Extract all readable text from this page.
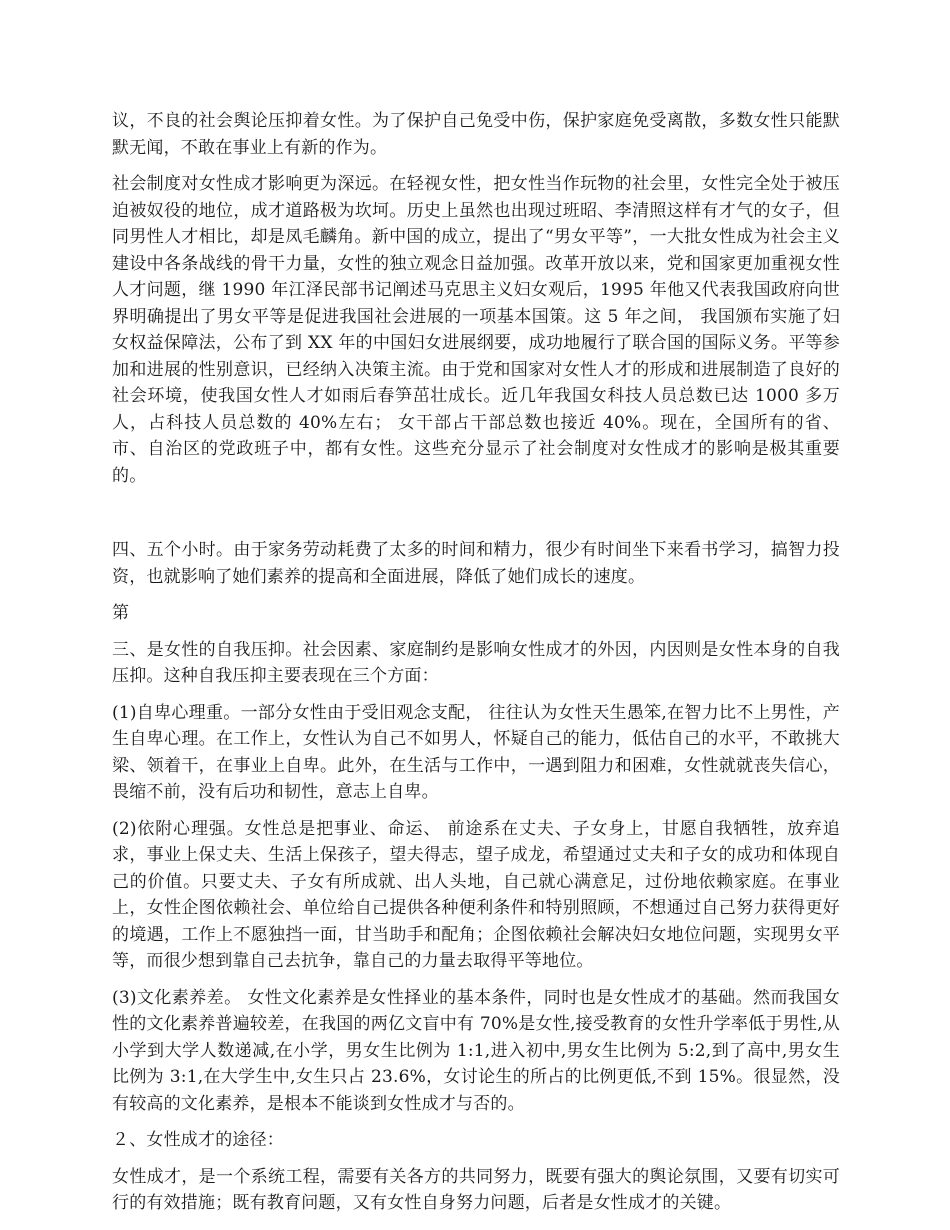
议，不良的社会舆论压抑着女性。为了保护自己免受中伤，保护家庭免受离散，多数女性只能默默无闻，不敢在事业上有新的作为。

社会制度对女性成才影响更为深远。在轻视女性，把女性当作玩物的社会里，女性完全处于被压迫被奴役的地位，成才道路极为坎坷。历史上虽然也出现过班昭、李清照这样有才气的女子，但同男性人才相比，却是凤毛麟角。新中国的成立，提出了“男女平等”，一大批女性成为社会主义建设中各条战线的骨干力量，女性的独立观念日益加强。改革开放以来，党和国家更加重视女性人才问题，继 1990 年江泽民部书记阐述马克思主义妇女观后，1995 年他又代表我国政府向世界明确提出了男女平等是促进我国社会进展的一项基本国策。这 5 年之间， 我国颁布实施了妇女权益保障法，公布了到 XX 年的中国妇女进展纲要，成功地履行了联合国的国际义务。平等参加和进展的性别意识，已经纳入决策主流。由于党和国家对女性人才的形成和进展制造了良好的社会环境，使我国女性人才如雨后春笋茁壮成长。近几年我国女科技人员总数已达 1000 多万人，占科技人员总数的 40%左右； 女干部占干部总数也接近 40%。现在，全国所有的省、市、自治区的党政班子中，都有女性。这些充分显示了社会制度对女性成才的影响是极其重要的。

四、五个小时。由于家务劳动耗费了太多的时间和精力，很少有时间坐下来看书学习，搞智力投资，也就影响了她们素养的提高和全面进展，降低了她们成长的速度。

第

三、是女性的自我压抑。社会因素、家庭制约是影响女性成才的外因，内因则是女性本身的自我压抑。这种自我压抑主要表现在三个方面：

(1)自卑心理重。一部分女性由于受旧观念支配， 往往认为女性天生愚笨,在智力比不上男性，产生自卑心理。在工作上，女性认为自己不如男人，怀疑自己的能力，低估自己的水平，不敢挑大梁、领着干，在事业上自卑。此外，在生活与工作中，一遇到阻力和困难，女性就就丧失信心，畏缩不前，没有后功和韧性，意志上自卑。

(2)依附心理强。女性总是把事业、命运、 前途系在丈夫、子女身上，甘愿自我牺牲，放弃追求，事业上保丈夫、生活上保孩子，望夫得志，望子成龙，希望通过丈夫和子女的成功和体现自己的价值。只要丈夫、子女有所成就、出人头地，自己就心满意足，过份地依赖家庭。在事业上，女性企图依赖社会、单位给自己提供各种便利条件和特别照顾，不想通过自己努力获得更好的境遇，工作上不愿独挡一面，甘当助手和配角；企图依赖社会解决妇女地位问题，实现男女平等，而很少想到靠自己去抗争，靠自己的力量去取得平等地位。

(3)文化素养差。 女性文化素养是女性择业的基本条件，同时也是女性成才的基础。然而我国女性的文化素养普遍较差，在我国的两亿文盲中有 70%是女性,接受教育的女性升学率低于男性,从小学到大学人数递减,在小学，男女生比例为 1:1,进入初中,男女生比例为 5:2,到了高中,男女生比例为 3:1,在大学生中,女生只占 23.6%，女讨论生的所占的比例更低,不到 15%。很显然，没有较高的文化素养，是根本不能谈到女性成才与否的。

２、女性成才的途径：

女性成才，是一个系统工程，需要有关各方的共同努力，既要有强大的舆论氛围，又要有切实可行的有效措施；既有教育问题，又有女性自身努力问题，后者是女性成才的关键。
